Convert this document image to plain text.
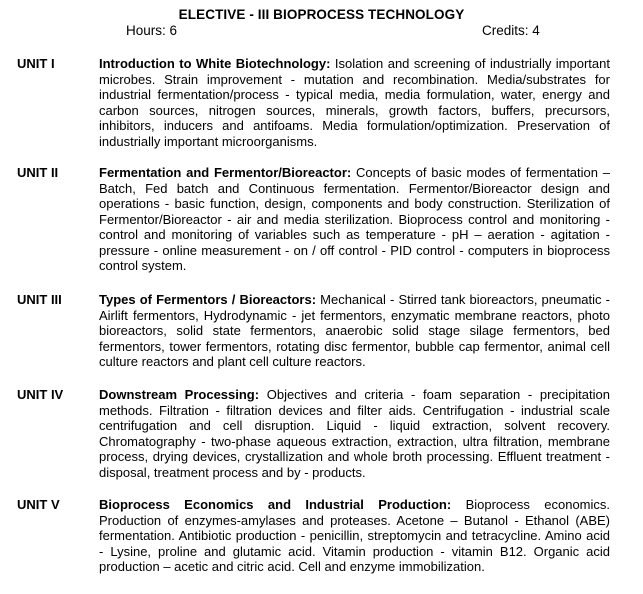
ELECTIVE - III BIOPROCESS TECHNOLOGY
Hours: 6	Credits: 4
UNIT I	Introduction to White Biotechnology: Isolation and screening of industrially important microbes. Strain improvement - mutation and recombination. Media/substrates for industrial fermentation/process - typical media, media formulation, water, energy and carbon sources, nitrogen sources, minerals, growth factors, buffers, precursors, inhibitors, inducers and antifoams. Media formulation/optimization. Preservation of industrially important microorganisms.
UNIT II	Fermentation and Fermentor/Bioreactor: Concepts of basic modes of fermentation – Batch, Fed batch and Continuous fermentation. Fermentor/Bioreactor design and operations - basic function, design, components and body construction. Sterilization of Fermentor/Bioreactor - air and media sterilization. Bioprocess control and monitoring - control and monitoring of variables such as temperature - pH – aeration - agitation - pressure - online measurement - on / off control - PID control - computers in bioprocess control system.
UNIT III	Types of Fermentors / Bioreactors: Mechanical - Stirred tank bioreactors, pneumatic - Airlift fermentors, Hydrodynamic - jet fermentors, enzymatic membrane reactors, photo bioreactors, solid state fermentors, anaerobic solid stage silage fermentors, bed fermentors, tower fermentors, rotating disc fermentor, bubble cap fermentor, animal cell culture reactors and plant cell culture reactors.
UNIT IV	Downstream Processing: Objectives and criteria - foam separation - precipitation methods. Filtration - filtration devices and filter aids. Centrifugation - industrial scale centrifugation and cell disruption. Liquid - liquid extraction, solvent recovery. Chromatography - two-phase aqueous extraction, extraction, ultra filtration, membrane process, drying devices, crystallization and whole broth processing. Effluent treatment - disposal, treatment process and by - products.
UNIT V	Bioprocess Economics and Industrial Production: Bioprocess economics. Production of enzymes-amylases and proteases. Acetone – Butanol - Ethanol (ABE) fermentation. Antibiotic production - penicillin, streptomycin and tetracycline. Amino acid - Lysine, proline and glutamic acid. Vitamin production - vitamin B12. Organic acid production – acetic and citric acid. Cell and enzyme immobilization.
